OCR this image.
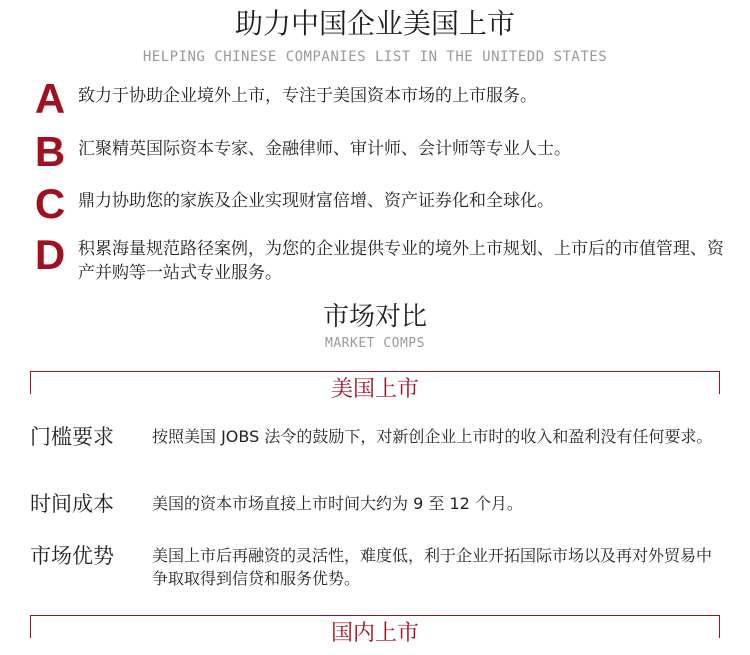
助力中国企业美国上市
HELPING CHINESE COMPANIES LIST IN THE UNITEDD STATES
A 致力于协助企业境外上市，专注于美国资本市场的上市服务。
B 汇聚精英国际资本专家、金融律师、审计师、会计师等专业人士。
C 鼎力协助您的家族及企业实现财富倍增、资产证券化和全球化。
D 积累海量规范路径案例，为您的企业提供专业的境外上市规划、上市后的市值管理、资产并购等一站式专业服务。
市场对比
MARKET COMPS
美国上市
门槛要求	按照美国 JOBS 法令的鼓励下，对新创企业上市时的收入和盈利没有任何要求。
时间成本	美国的资本市场直接上市时间大约为 9 至 12 个月。
市场优势	美国上市后再融资的灵活性，难度低，利于企业开拓国际市场以及再对外贸易中争取取得到信贷和服务优势。
国内上市
